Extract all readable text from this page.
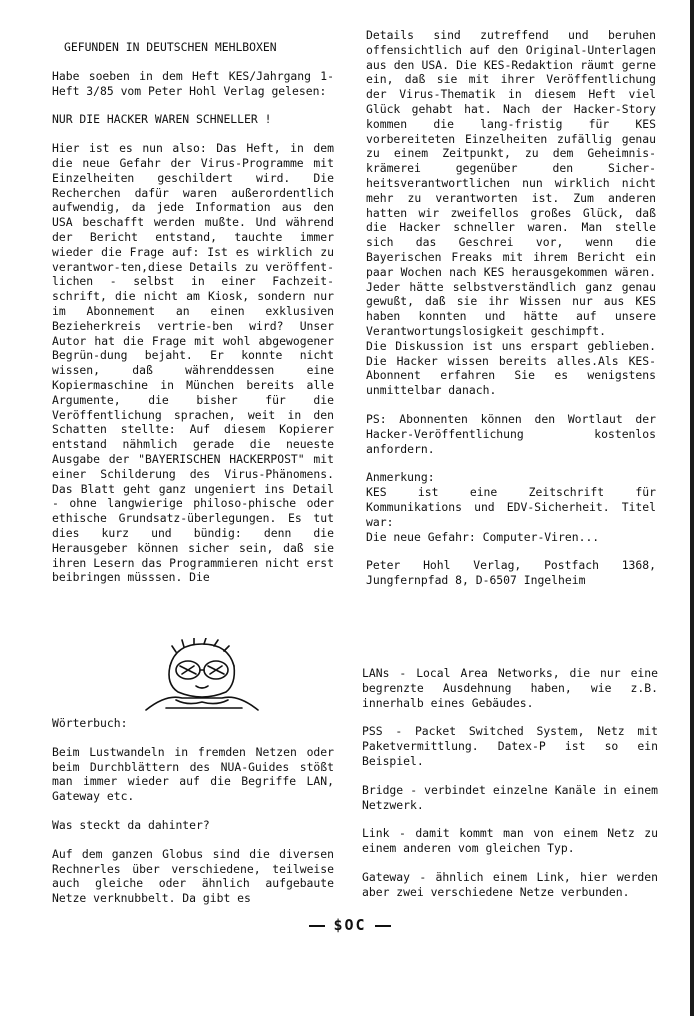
GEFUNDEN IN DEUTSCHEN MEHLBOXEN

Habe soeben in dem Heft KES/Jahrgang 1-Heft 3/85 vom Peter Hohl Verlag gelesen:

NUR DIE HACKER WAREN SCHNELLER !

Hier ist es nun also: Das Heft, in dem die neue Gefahr der Virus-Programme mit Einzelheiten geschildert wird. Die Recherchen dafür waren außerordentlich aufwendig, da jede Information aus den USA beschafft werden mußte. Und während der Bericht entstand, tauchte immer wieder die Frage auf: Ist es wirklich zu verantwor-ten,diese Details zu veröffent-lichen - selbst in einer Fachzeit-schrift, die nicht am Kiosk, sondern nur im Abonnement an einen exklusiven Bezieherkreis vertrie-ben wird? Unser Autor hat die Frage mit wohl abgewogener Begrün-dung bejaht. Er konnte nicht wissen, daß währenddessen eine Kopiermaschine in München bereits alle Argumente, die bisher für die Veröffentlichung sprachen, weit in den Schatten stellte: Auf diesem Kopierer entstand nähmlich gerade die neueste Ausgabe der "BAYERISCHEN HACKERPOST" mit einer Schilderung des Virus-Phänomens. Das Blatt geht ganz ungeniert ins Detail - ohne langwierige philoso-phische oder ethische Grundsatz-überlegungen. Es tut dies kurz und bündig: denn die Herausgeber können sicher sein, daß sie ihren Lesern das Programmieren nicht erst beibringen müsssen. Die

Details sind zutreffend und beruhen offensichtlich auf den Original-Unterlagen aus den USA. Die KES-Redaktion räumt gerne ein, daß sie mit ihrer Veröffentlichung der Virus-Thematik in diesem Heft viel Glück gehabt hat. Nach der Hacker-Story kommen die lang-fristig für KES vorbereiteten Einzelheiten zufällig genau zu einem Zeitpunkt, zu dem Geheimnis-krämerei gegenüber den Sicher-heitsverantwortlichen nun wirklich nicht mehr zu verantworten ist. Zum anderen hatten wir zweifellos großes Glück, daß die Hacker schneller waren. Man stelle sich das Geschrei vor, wenn die Bayerischen Freaks mit ihrem Bericht ein paar Wochen nach KES herausgekommen wären. Jeder hätte selbstverständlich ganz genau gewußt, daß sie ihr Wissen nur aus KES haben konnten und hätte auf unsere Verantwortungslosigkeit geschimpft.

Die Diskussion ist uns erspart geblieben. Die Hacker wissen bereits alles.Als KES-Abonnent erfahren Sie es wenigstens unmittelbar danach.

PS: Abonnenten können den Wortlaut der Hacker-Veröffentlichung kostenlos anfordern.

Anmerkung:

KES ist eine Zeitschrift für Kommunikations und EDV-Sicherheit. Titel war:

Die neue Gefahr: Computer-Viren...

Peter Hohl Verlag, Postfach 1368, Jungfernpfad 8, D-6507 Ingelheim

Wörterbuch:

Beim Lustwandeln in fremden Netzen oder beim Durchblättern des NUA-Guides stößt man immer wieder auf die Begriffe LAN, Gateway etc.

Was steckt da dahinter?

Auf dem ganzen Globus sind die diversen Rechnerles über verschiedene, teilweise auch gleiche oder ähnlich aufgebaute Netze verknubbelt. Da gibt es

LANs - Local Area Networks, die nur eine begrenzte Ausdehnung haben, wie z.B. innerhalb eines Gebäudes.

PSS - Packet Switched System, Netz mit Paketvermittlung. Datex-P ist so ein Beispiel.

Bridge - verbindet einzelne Kanäle in einem Netzwerk.

Link - damit kommt man von einem Netz zu einem anderen vom gleichen Typ.

Gateway - ähnlich einem Link, hier werden aber zwei verschiedene Netze verbunden.

$OC
